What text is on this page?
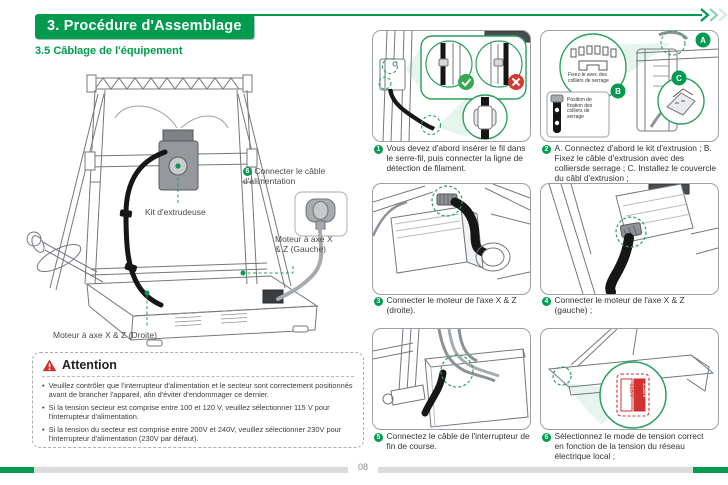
3. Procédure d'Assemblage
3.5 Câblage de l'équipement
6 Connecter le câble d'alimentation
Kit d'extrudeuse
Moteur à axe X & Z (Gauche)
Moteur à axe X & Z (Droite)
Attention
• Veuillez contrôler que l'interrupteur d'alimentation et le secteur sont correctement positionnés avant de brancher l'appareil, afin d'éviter d'endommager ce dernier.
• Si la tension secteur est comprise entre 100 et 120 V, veuillez sélectionner 115 V pour l'interrupteur d'alimentation.
• Si la tension du secteur est comprise entre 200V et 240V, veuillez sélectionner 230V pour l'interrupteur d'alimentation (230V par défaut).
A
B
C
Fixez-le avec des colliers de serrage
Position de fixation des colliers de serrage
115V 230V
1 Vous devez d'abord insérer le fil dans le serre-fil, puis connecter la ligne de détection de filament.
2 A. Connectez d'abord le kit d'extrusion ; B. Fixez le câble d'extrusion avec des colliersde serrage ; C. Installez le couvercle du câbl d'extrusion ;
3 Connecter le moteur de l'axe X & Z (droite).
4 Connecter le moteur de l'axe X & Z (gauche) ;
5 Connectez le câble de l'interrupteur de fin de course.
6 Sélectionnez le mode de tension correct en fonction de la tension du réseau électrique local ;
08
